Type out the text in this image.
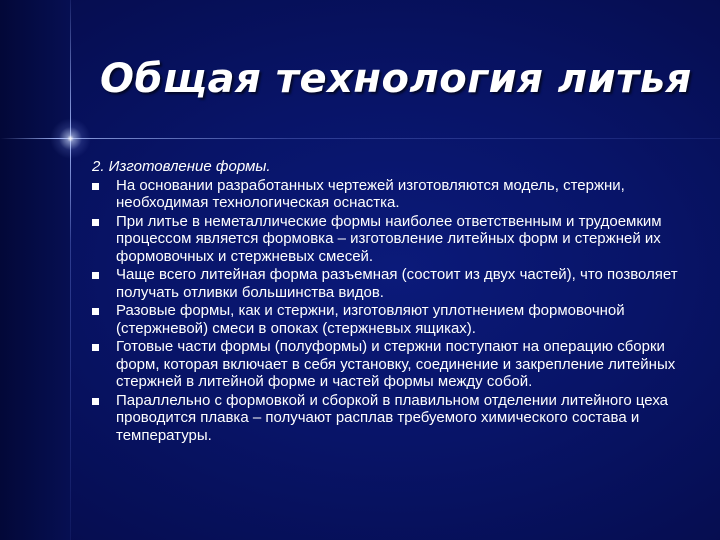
Общая технология литья
2. Изготовление формы.
На основании разработанных чертежей изготовляются модель, стержни, необходимая технологическая оснастка.
При литье в неметаллические формы наиболее ответственным и трудоемким процессом является формовка – изготовление литейных форм и стержней их формовочных и стержневых смесей.
Чаще всего литейная форма разъемная (состоит из двух частей), что позволяет получать отливки большинства видов.
Разовые формы, как и стержни, изготовляют уплотнением формовочной (стержневой) смеси в опоках (стержневых ящиках).
Готовые части формы (полуформы) и стержни поступают на операцию сборки форм, которая включает в себя установку, соединение и закрепление литейных стержней в литейной форме и частей формы между собой.
Параллельно с формовкой и сборкой в плавильном отделении литейного цеха проводится плавка – получают расплав требуемого химического состава и температуры.
